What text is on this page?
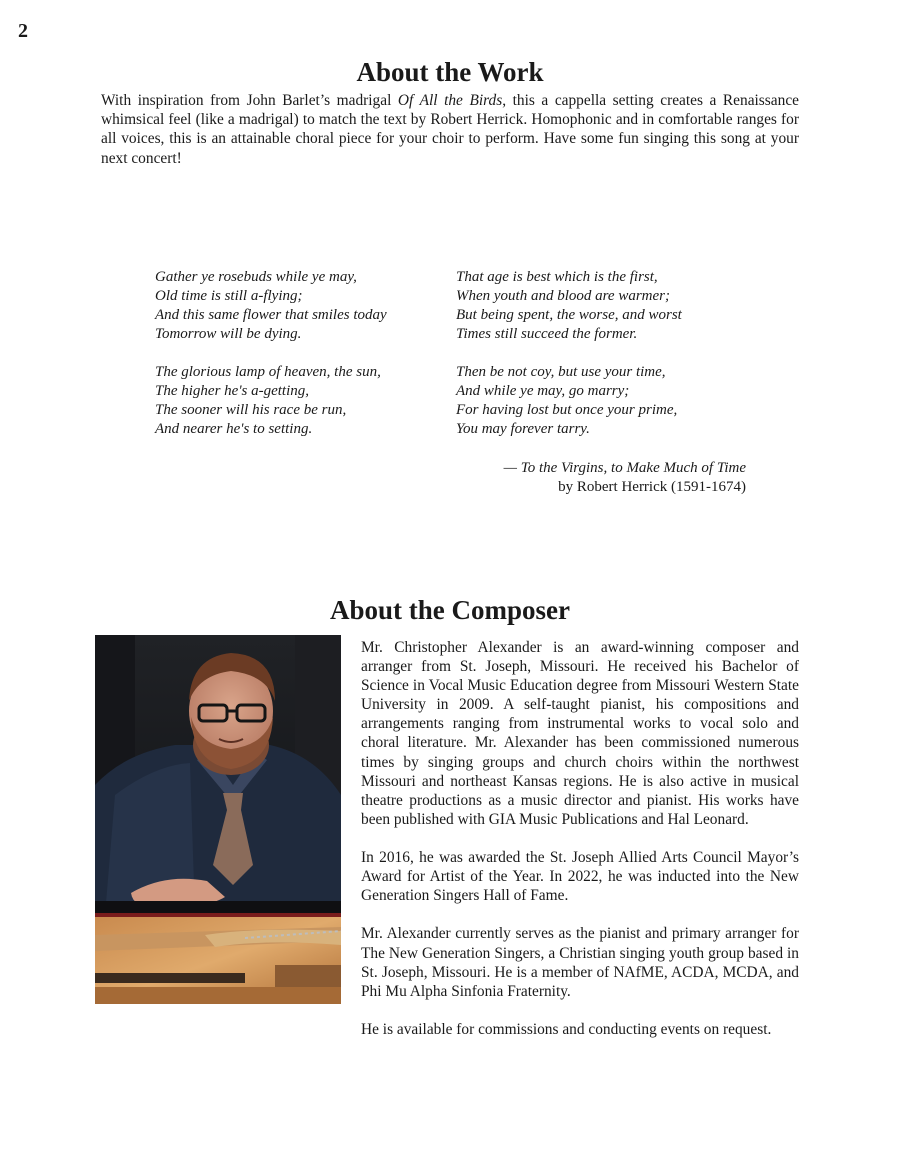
2
About the Work

With inspiration from John Barlet’s madrigal Of All the Birds, this a cappella setting creates a Renaissance whimsical feel (like a madrigal) to match the text by Robert Herrick. Homophonic and in comfortable ranges for all voices, this is an attainable choral piece for your choir to perform. Have some fun singing this song at your next concert!

Gather ye rosebuds while ye may,
Old time is still a-flying;
And this same flower that smiles today
Tomorrow will be dying.
The glorious lamp of heaven, the sun,
The higher he's a-getting,
The sooner will his race be run,
And nearer he's to setting.
That age is best which is the first,
When youth and blood are warmer;
But being spent, the worse, and worst
Times still succeed the former.
Then be not coy, but use your time,
And while ye may, go marry;
For having lost but once your prime,
You may forever tarry.
— To the Virgins, to Make Much of Time
by Robert Herrick (1591-1674)
About the Composer

Mr. Christopher Alexander is an award-winning composer and arranger from St. Joseph, Missouri. He received his Bachelor of Science in Vocal Music Education degree from Missouri Western State University in 2009. A self-taught pianist, his compositions and arrangements ranging from instrumental works to vocal solo and choral literature. Mr. Alexander has been commissioned numerous times by singing groups and church choirs within the northwest Missouri and northeast Kansas regions. He is also active in musical theatre productions as a music director and pianist. His works have been published with GIA Music Publications and Hal Leonard.

In 2016, he was awarded the St. Joseph Allied Arts Council Mayor’s Award for Artist of the Year. In 2022, he was inducted into the New Generation Singers Hall of Fame.

Mr. Alexander currently serves as the pianist and primary arranger for The New Generation Singers, a Christian singing youth group based in St. Joseph, Missouri. He is a member of NAfME, ACDA, MCDA, and Phi Mu Alpha Sinfonia Fraternity.

He is available for commissions and conducting events on request.
